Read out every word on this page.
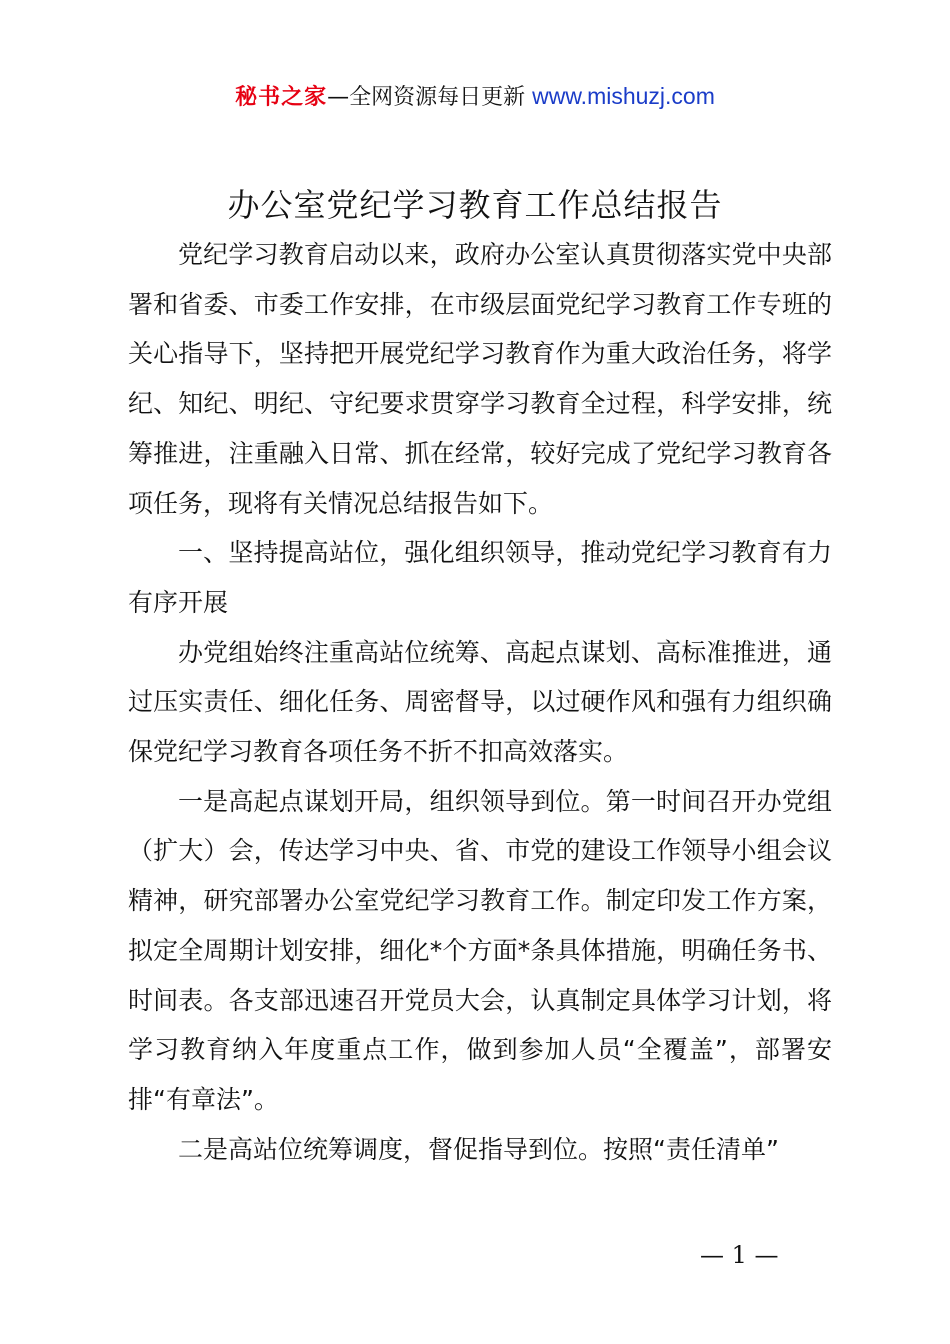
秘书之家—全网资源每日更新 www.mishuzj.com
办公室党纪学习教育工作总结报告

党纪学习教育启动以来，政府办公室认真贯彻落实党中央部署和省委、市委工作安排，在市级层面党纪学习教育工作专班的关心指导下，坚持把开展党纪学习教育作为重大政治任务，将学纪、知纪、明纪、守纪要求贯穿学习教育全过程，科学安排，统筹推进，注重融入日常、抓在经常，较好完成了党纪学习教育各项任务，现将有关情况总结报告如下。

一、坚持提高站位，强化组织领导，推动党纪学习教育有力有序开展

办党组始终注重高站位统筹、高起点谋划、高标准推进，通过压实责任、细化任务、周密督导，以过硬作风和强有力组织确保党纪学习教育各项任务不折不扣高效落实。

一是高起点谋划开局，组织领导到位。第一时间召开办党组（扩大）会，传达学习中央、省、市党的建设工作领导小组会议精神，研究部署办公室党纪学习教育工作。制定印发工作方案，拟定全周期计划安排，细化*个方面*条具体措施，明确任务书、时间表。各支部迅速召开党员大会，认真制定具体学习计划，将学习教育纳入年度重点工作，做到参加人员“全覆盖”，部署安排“有章法”。

二是高站位统筹调度，督促指导到位。按照“责任清单”

— 1 —
